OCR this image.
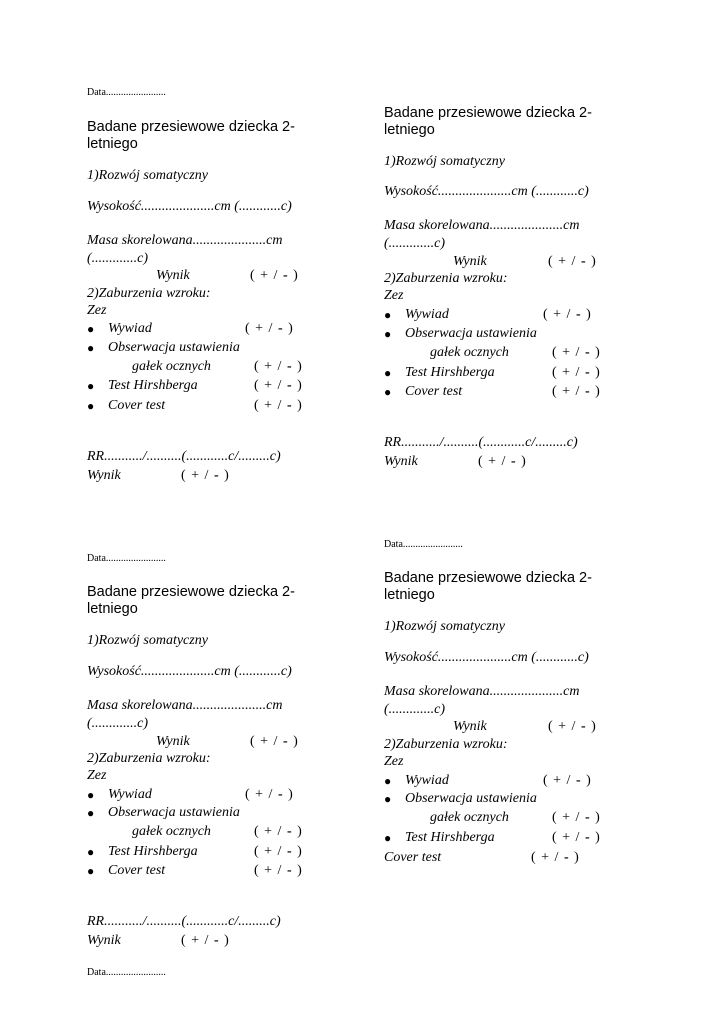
Data........................
Badane przesiewowe dziecka 2-
letniego
1)Rozwój somatyczny
Wysokość.....................cm (............c)
Masa skorelowana.....................cm
(.............c)
Wynik	( + / - )
2)Zaburzenia wzroku:
Zez
● Wywiad	( + / - )
● Obserwacja ustawienia
gałek ocznych	( + / - )
● Test Hirshberga	( + / - )
● Cover test	( + / - )
RR.........../..........(............c/.........c)
Wynik	( + / - )
Badane przesiewowe dziecka 2-
letniego
1)Rozwój somatyczny
Wysokość.....................cm (............c)
Masa skorelowana.....................cm
(.............c)
Wynik	( + / - )
2)Zaburzenia wzroku:
Zez
● Wywiad	( + / - )
● Obserwacja ustawienia
gałek ocznych	( + / - )
● Test Hirshberga	( + / - )
● Cover test	( + / - )
RR.........../..........(............c/.........c)
Wynik	( + / - )
Data........................
Badane przesiewowe dziecka 2-
letniego
1)Rozwój somatyczny
Wysokość.....................cm (............c)
Masa skorelowana.....................cm
(.............c)
Wynik	( + / - )
2)Zaburzenia wzroku:
Zez
● Wywiad	( + / - )
● Obserwacja ustawienia
gałek ocznych	( + / - )
● Test Hirshberga	( + / - )
● Cover test	( + / - )
RR.........../..........(............c/.........c)
Wynik	( + / - )
Data........................
Badane przesiewowe dziecka 2-
letniego
1)Rozwój somatyczny
Wysokość.....................cm (............c)
Masa skorelowana.....................cm
(.............c)
Wynik	( + / - )
2)Zaburzenia wzroku:
Zez
● Wywiad	( + / - )
● Obserwacja ustawienia
gałek ocznych	( + / - )
● Test Hirshberga	( + / - )
Cover test	( + / - )
Data........................
